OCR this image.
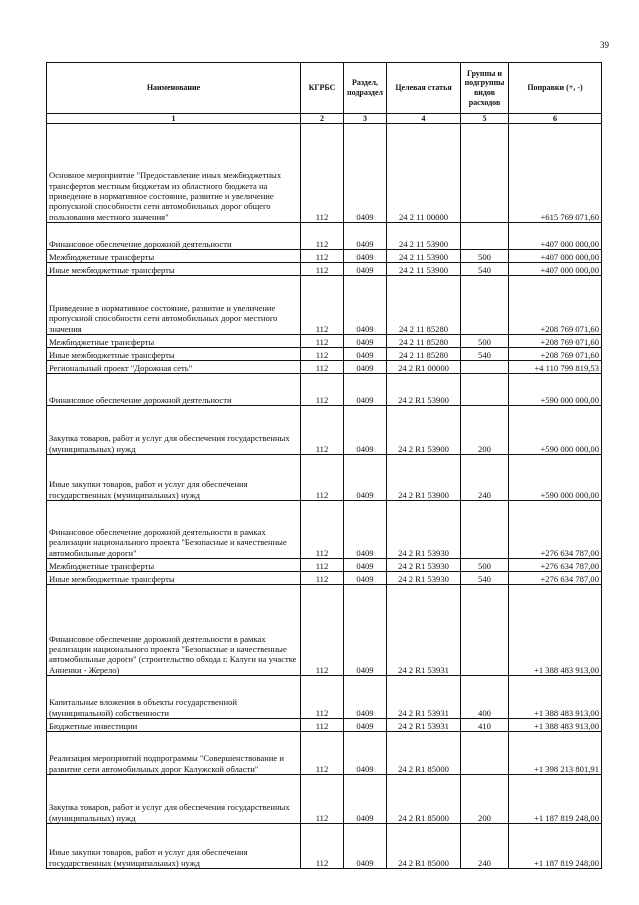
39
Наименование	КГРБС	Раздел, подраздел	Целевая статья	Группы и подгруппы видов расходов	Поправки (+, -)
1	2	3	4	5	6
Основное мероприятие "Предоставление иных межбюджетных трансфертов местным бюджетам из областного бюджета на приведение в нормативное состояние, развитие и увеличение пропускной способности сети автомобильных дорог общего пользования местного значения"	112	0409	24 2 11 00000		+615 769 071,60
Финансовое обеспечение дорожной деятельности	112	0409	24 2 11 53900		+407 000 000,00
Межбюджетные трансферты	112	0409	24 2 11 53900	500	+407 000 000,00
Иные межбюджетные трансферты	112	0409	24 2 11 53900	540	+407 000 000,00
Приведение в нормативное состояние, развитие и увеличение пропускной способности сети автомобильных дорог местного значения	112	0409	24 2 11 85280		+208 769 071,60
Межбюджетные трансферты	112	0409	24 2 11 85280	500	+208 769 071,60
Иные межбюджетные трансферты	112	0409	24 2 11 85280	540	+208 769 071,60
Региональный проект "Дорожная сеть"	112	0409	24 2 R1 00000		+4 110 799 819,53
Финансовое обеспечение дорожной деятельности	112	0409	24 2 R1 53900		+590 000 000,00
Закупка товаров, работ и услуг для обеспечения государственных (муниципальных) нужд	112	0409	24 2 R1 53900	200	+590 000 000,00
Иные закупки товаров, работ и услуг для обеспечения государственных (муниципальных) нужд	112	0409	24 2 R1 53900	240	+590 000 000,00
Финансовое обеспечение дорожной деятельности в рамках реализации национального проекта "Безопасные и качественные автомобильные дороги"	112	0409	24 2 R1 53930		+276 634 787,00
Межбюджетные трансферты	112	0409	24 2 R1 53930	500	+276 634 787,00
Иные межбюджетные трансферты	112	0409	24 2 R1 53930	540	+276 634 787,00
Финансовое обеспечение дорожной деятельности в рамках реализации национального проекта "Безопасные и качественные автомобильные дороги" (строительство обхода г. Калуги на участке Анненки - Жерело)	112	0409	24 2 R1 53931		+1 388 483 913,00
Капитальные вложения в объекты государственной (муниципальной) собственности	112	0409	24 2 R1 53931	400	+1 388 483 913,00
Бюджетные инвестиции	112	0409	24 2 R1 53931	410	+1 388 483 913,00
Реализация мероприятий подпрограммы "Совершенствование и развитие сети автомобильных дорог Калужской области"	112	0409	24 2 R1 85000		+1 398 213 801,91
Закупка товаров, работ и услуг для обеспечения государственных (муниципальных) нужд	112	0409	24 2 R1 85000	200	+1 187 819 248,00
Иные закупки товаров, работ и услуг для обеспечения государственных (муниципальных) нужд	112	0409	24 2 R1 85000	240	+1 187 819 248,00
